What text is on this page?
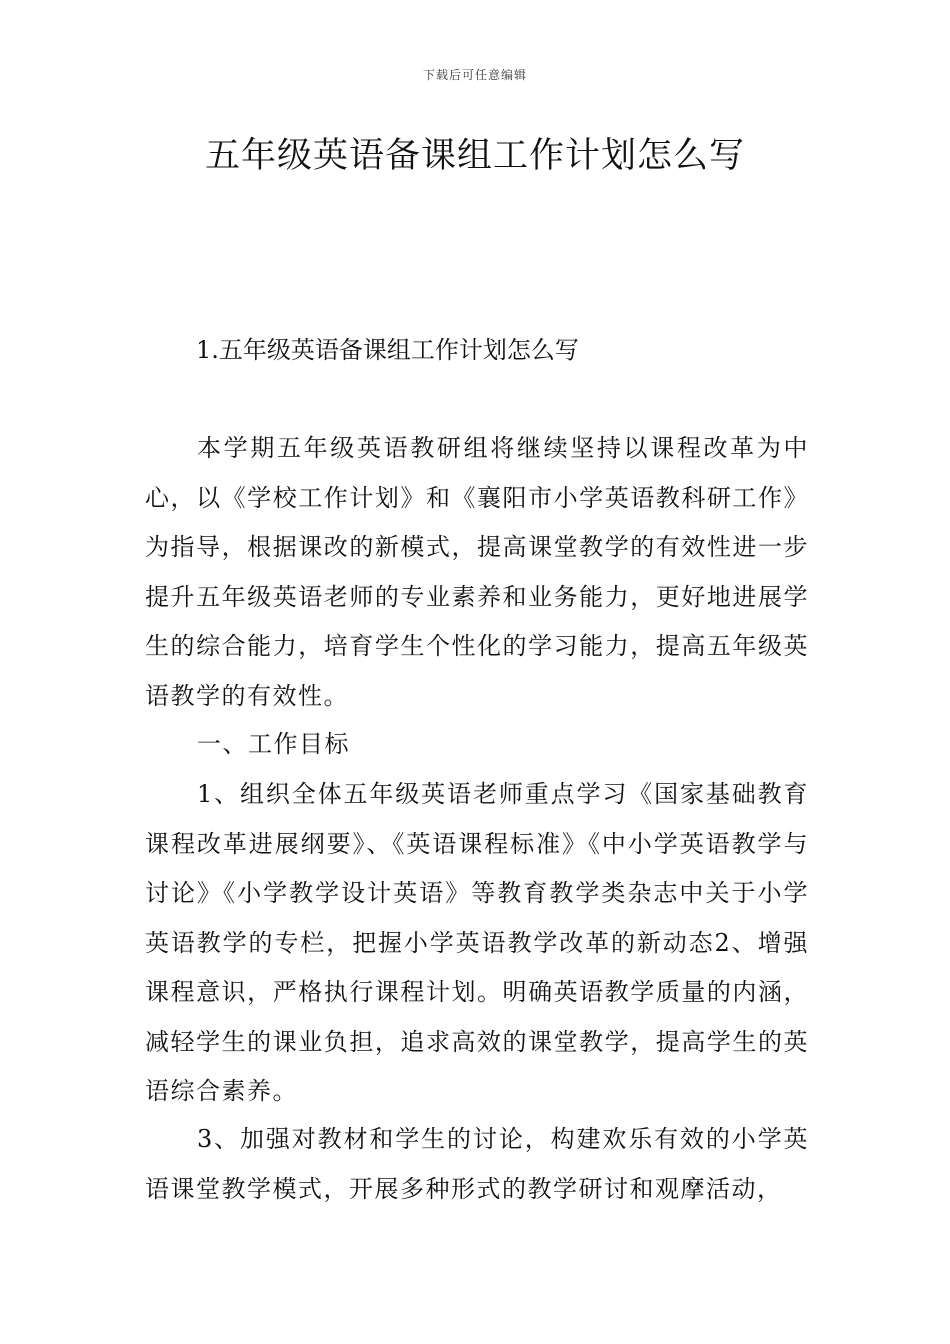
下载后可任意编辑
五年级英语备课组工作计划怎么写
1.五年级英语备课组工作计划怎么写

本学期五年级英语教研组将继续坚持以课程改革为中心，以《学校工作计划》和《襄阳市小学英语教科研工作》为指导，根据课改的新模式，提高课堂教学的有效性进一步提升五年级英语老师的专业素养和业务能力，更好地进展学生的综合能力，培育学生个性化的学习能力，提高五年级英语教学的有效性。

一、工作目标

1、组织全体五年级英语老师重点学习《国家基础教育课程改革进展纲要》、《英语课程标准》《中小学英语教学与讨论》《小学教学设计英语》等教育教学类杂志中关于小学英语教学的专栏，把握小学英语教学改革的新动态2、增强课程意识，严格执行课程计划。明确英语教学质量的内涵，减轻学生的课业负担，追求高效的课堂教学，提高学生的英语综合素养。

3、加强对教材和学生的讨论，构建欢乐有效的小学英语课堂教学模式，开展多种形式的教学研讨和观摩活动，
